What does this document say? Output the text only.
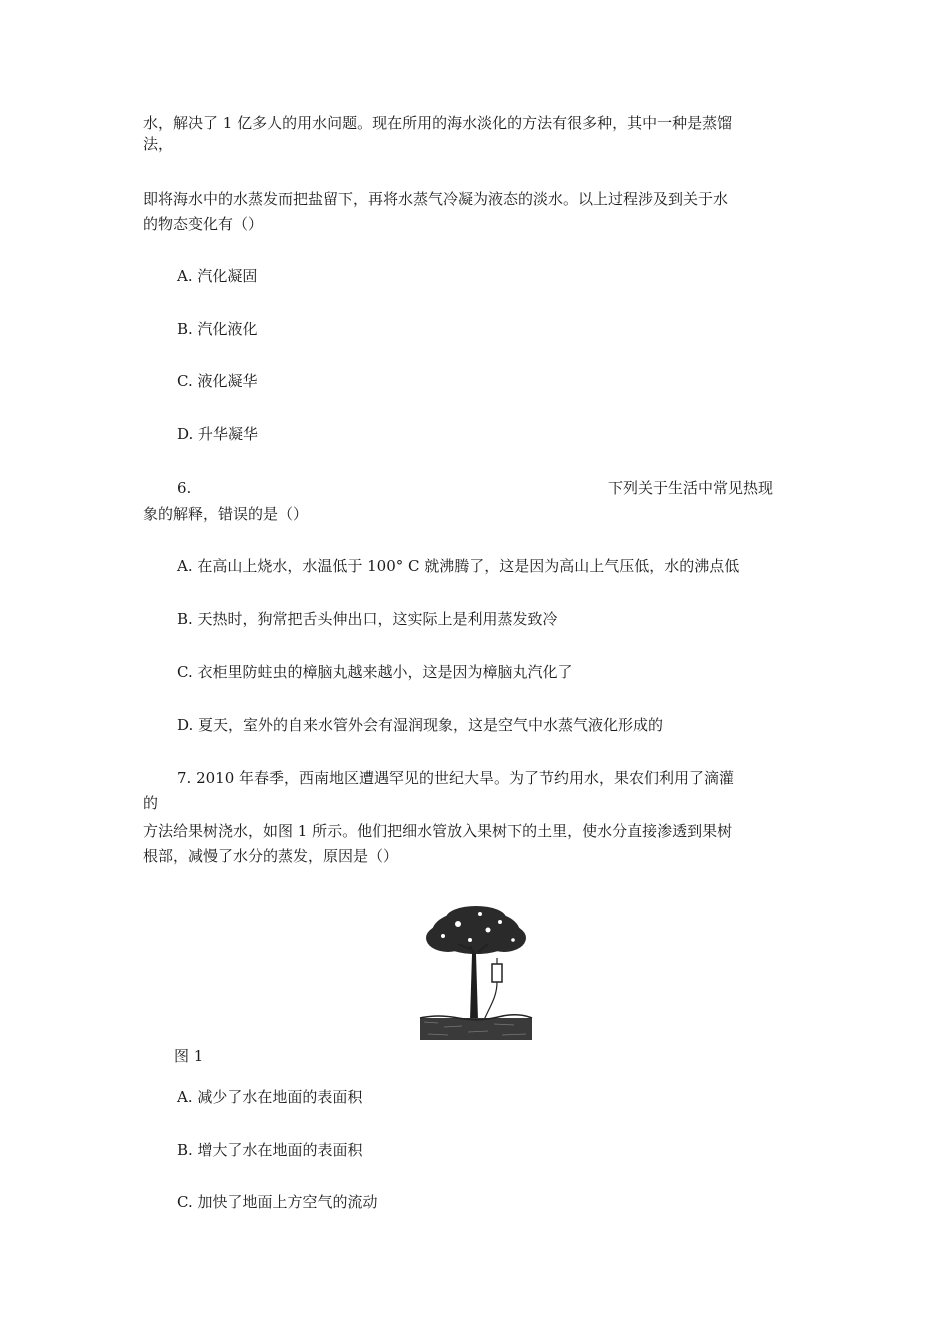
水，解决了 1 亿多人的用水问题。现在所用的海水淡化的方法有很多种，其中一种是蒸馏
法，
即将海水中的水蒸发而把盐留下，再将水蒸气冷凝为液态的淡水。以上过程涉及到关于水
的物态变化有（）
A. 汽化凝固
B. 汽化液化
C. 液化凝华
D. 升华凝华
6.	下列关于生活中常见热现
象的解释，错误的是（）
A. 在高山上烧水，水温低于 100° C 就沸腾了，这是因为高山上气压低，水的沸点低
B. 天热时，狗常把舌头伸出口，这实际上是利用蒸发致冷
C. 衣柜里防蛀虫的樟脑丸越来越小，这是因为樟脑丸汽化了
D. 夏天，室外的自来水管外会有湿润现象，这是空气中水蒸气液化形成的
7. 2010 年春季，西南地区遭遇罕见的世纪大旱。为了节约用水，果农们利用了滴灌
的
方法给果树浇水，如图 1 所示。他们把细水管放入果树下的土里，使水分直接渗透到果树
根部，减慢了水分的蒸发，原因是（）
图 1
A. 减少了水在地面的表面积
B. 增大了水在地面的表面积
C. 加快了地面上方空气的流动
